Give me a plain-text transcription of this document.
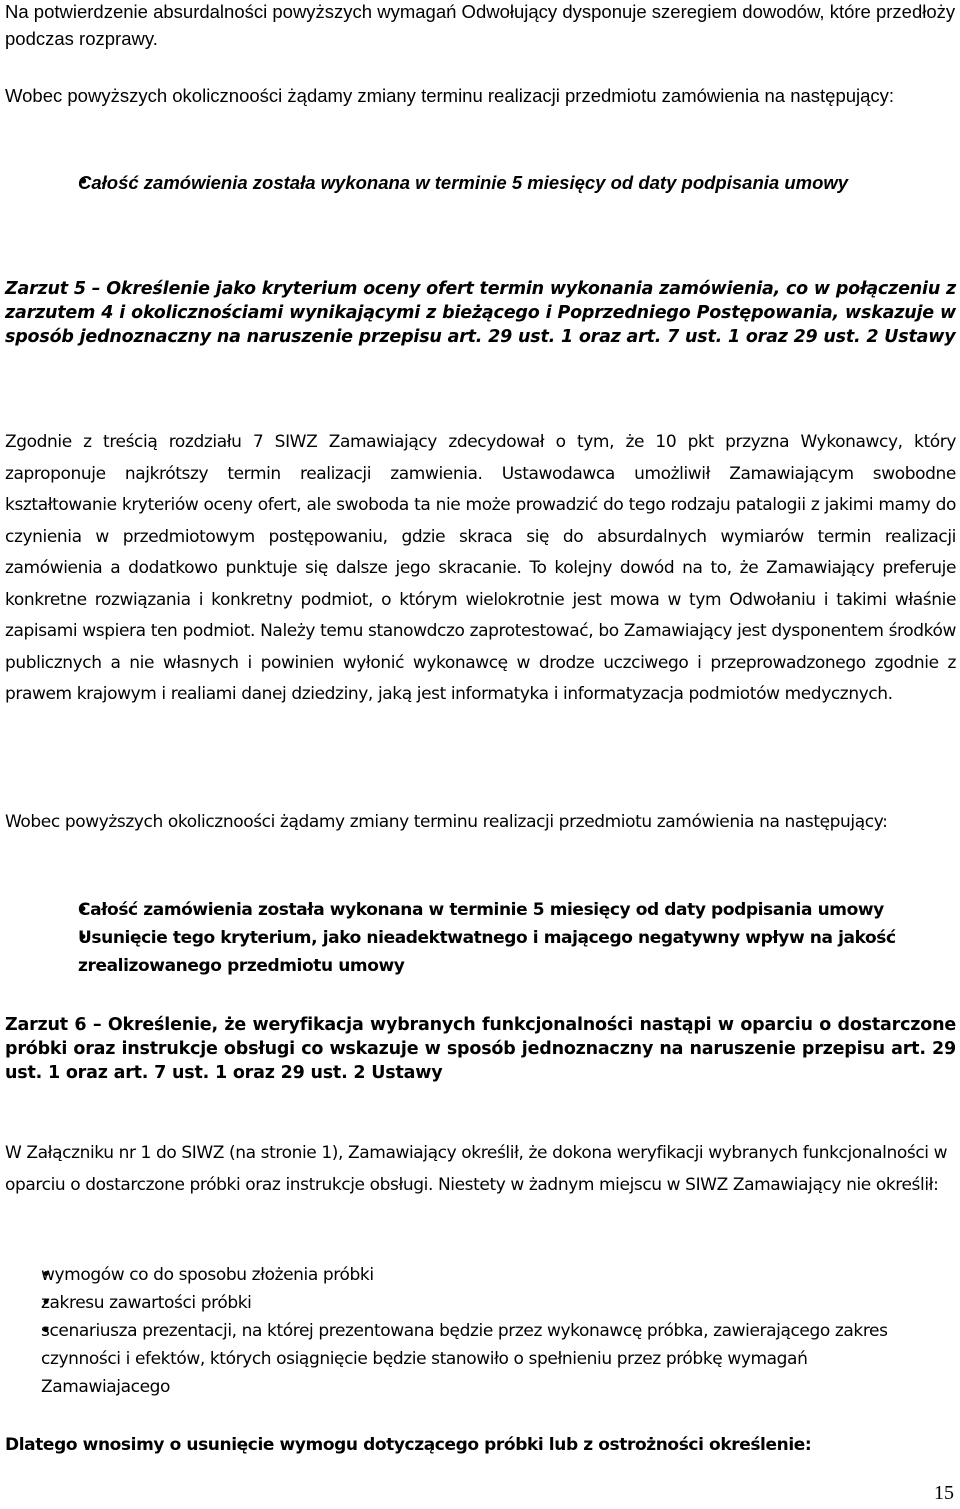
Na potwierdzenie absurdalności powyższych wymagań Odwołujący dysponuje szeregiem dowodów, które przedłoży podczas rozprawy.

Wobec powyższych okolicznoości żądamy zmiany terminu realizacji przedmiotu zamówienia na następujący:

• Całość zamówienia została wykonana w terminie 5 miesięcy od daty podpisania umowy

Zarzut 5 – Określenie jako kryterium oceny ofert termin wykonania zamówienia, co w połączeniu z zarzutem 4 i okolicznościami wynikającymi z bieżącego i Poprzedniego Postępowania, wskazuje w sposób jednoznaczny na naruszenie przepisu art. 29 ust. 1 oraz art. 7 ust. 1 oraz 29 ust. 2 Ustawy

Zgodnie z treścią rozdziału 7 SIWZ Zamawiający zdecydował o tym, że 10 pkt przyzna Wykonawcy, który zaproponuje najkrótszy termin realizacji zamwienia. Ustawodawca umożliwił Zamawiającym swobodne kształtowanie kryteriów oceny ofert, ale swoboda ta nie może prowadzić do tego rodzaju patalogii z jakimi mamy do czynienia w przedmiotowym postępowaniu, gdzie skraca się do absurdalnych wymiarów termin realizacji zamówienia a dodatkowo punktuje się dalsze jego skracanie. To kolejny dowód na to, że Zamawiający preferuje konkretne rozwiązania i konkretny podmiot, o którym wielokrotnie jest mowa w tym Odwołaniu i takimi właśnie zapisami wspiera ten podmiot. Należy temu stanowdczo zaprotestować, bo Zamawiający jest dysponentem środków publicznych a nie własnych i powinien wyłonić wykonawcę w drodze uczciwego i przeprowadzonego zgodnie z prawem krajowym i realiami danej dziedziny, jaką jest informatyka i informatyzacja podmiotów medycznych.

Wobec powyższych okolicznoości żądamy zmiany terminu realizacji przedmiotu zamówienia na następujący:

• Całość zamówienia została wykonana w terminie 5 miesięcy od daty podpisania umowy
• Usunięcie tego kryterium, jako nieadektwatnego i mającego negatywny wpływ na jakość zrealizowanego przedmiotu umowy

Zarzut 6 – Określenie, że weryfikacja wybranych funkcjonalności nastąpi w oparciu o dostarczone próbki oraz instrukcje obsługi co wskazuje w sposób jednoznaczny na naruszenie przepisu art. 29 ust. 1 oraz art. 7 ust. 1 oraz 29 ust. 2 Ustawy

W Załączniku nr 1 do SIWZ (na stronie 1), Zamawiający określił, że dokona weryfikacji wybranych funkcjonalności w oparciu o dostarczone próbki oraz instrukcje obsługi. Niestety w żadnym miejscu w SIWZ Zamawiający nie określił:

• wymogów co do sposobu złożenia próbki
• zakresu zawartości próbki
• scenariusza prezentacji, na której prezentowana będzie przez wykonawcę próbka, zawierającego zakres czynności i efektów, których osiągnięcie będzie stanowiło o spełnieniu przez próbkę wymagań Zamawiajacego

Dlatego wnosimy o usunięcie wymogu dotyczącego próbki lub z ostrożności określenie:

15
